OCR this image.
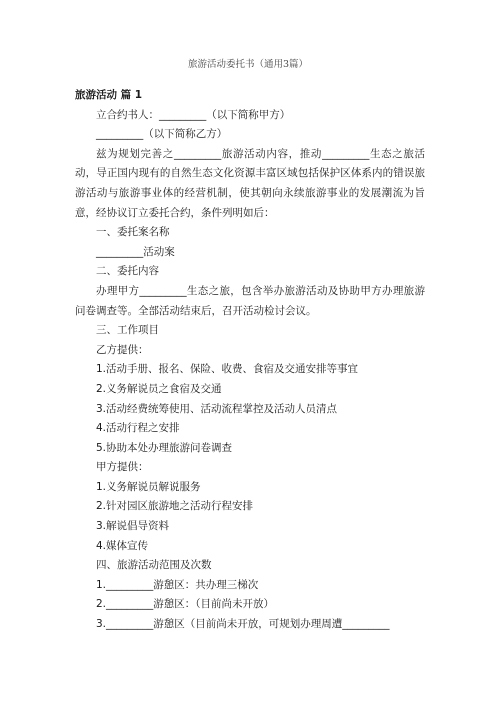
旅游活动委托书（通用3篇）
旅游活动 篇 1
立合约书人：_________（以下简称甲方）
_________（以下简称乙方）
兹为规划完善之_________旅游活动内容，推动_________生态之旅活动，导正国内现有的自然生态文化资源丰富区域包括保护区体系内的错误旅游活动与旅游事业体的经营机制，使其朝向永续旅游事业的发展潮流为旨意，经协议订立委托合约，条件列明如后：
一、委托案名称
_________活动案
二、委托内容
办理甲方_________生态之旅，包含举办旅游活动及协助甲方办理旅游问卷调查等。全部活动结束后，召开活动检讨会议。
三、工作项目
乙方提供：
1.活动手册、报名、保险、收费、食宿及交通安排等事宜
2.义务解说员之食宿及交通
3.活动经费统筹使用、活动流程掌控及活动人员清点
4.活动行程之安排
5.协助本处办理旅游问卷调查
甲方提供：
1.义务解说员解说服务
2.针对园区旅游地之活动行程安排
3.解说倡导资料
4.媒体宣传
四、旅游活动范围及次数
1._________游憩区：共办理三梯次
2._________游憩区：（目前尚未开放）
3._________游憩区（目前尚未开放，可规划办理周遭_________
